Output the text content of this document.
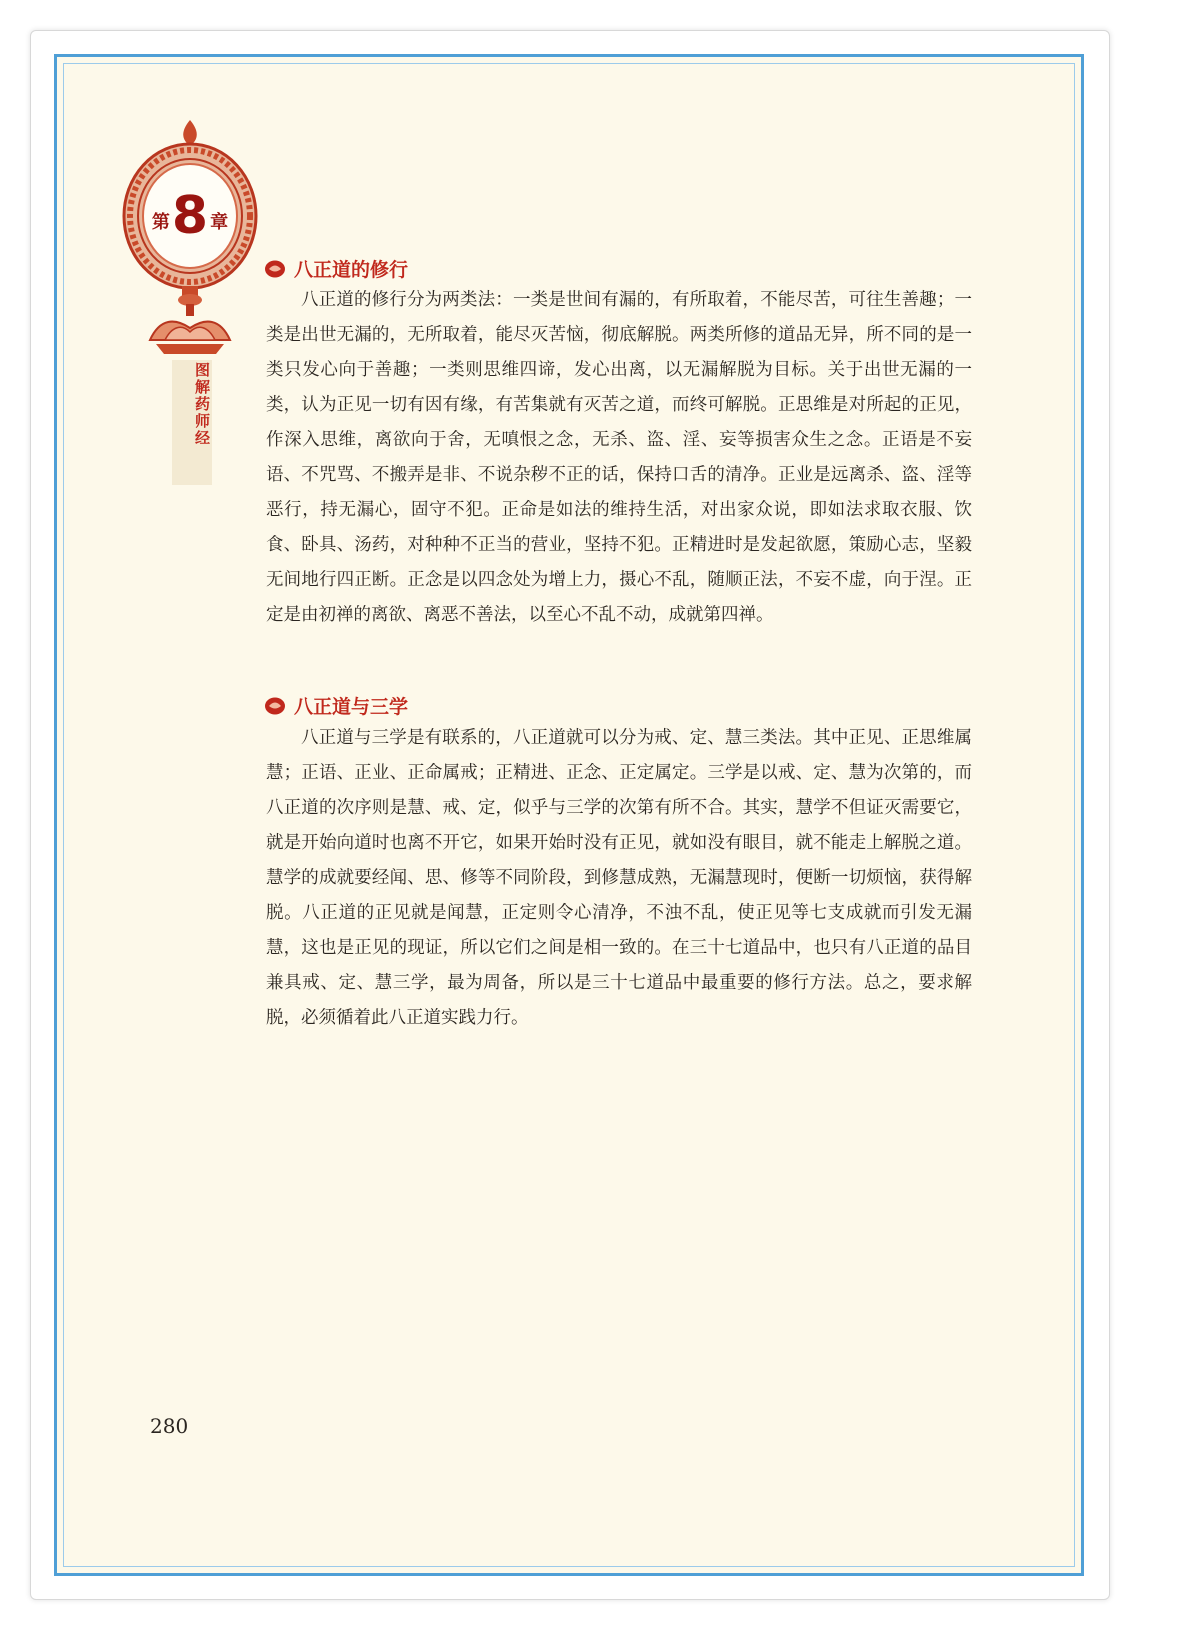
第 8 章
图解药师经
八正道的修行

八正道的修行分为两类法：一类是世间有漏的，有所取着，不能尽苦，可往生善趣；一类是出世无漏的，无所取着，能尽灭苦恼，彻底解脱。两类所修的道品无异，所不同的是一类只发心向于善趣；一类则思维四谛，发心出离，以无漏解脱为目标。关于出世无漏的一类，认为正见一切有因有缘，有苦集就有灭苦之道，而终可解脱。正思维是对所起的正见，作深入思维，离欲向于舍，无嗔恨之念，无杀、盗、淫、妄等损害众生之念。正语是不妄语、不咒骂、不搬弄是非、不说杂秽不正的话，保持口舌的清净。正业是远离杀、盗、淫等恶行，持无漏心，固守不犯。正命是如法的维持生活，对出家众说，即如法求取衣服、饮食、卧具、汤药，对种种不正当的营业，坚持不犯。正精进时是发起欲愿，策励心志，坚毅无间地行四正断。正念是以四念处为增上力，摄心不乱，随顺正法，不妄不虚，向于涅。正定是由初禅的离欲、离恶不善法，以至心不乱不动，成就第四禅。

八正道与三学

八正道与三学是有联系的，八正道就可以分为戒、定、慧三类法。其中正见、正思维属慧；正语、正业、正命属戒；正精进、正念、正定属定。三学是以戒、定、慧为次第的，而八正道的次序则是慧、戒、定，似乎与三学的次第有所不合。其实，慧学不但证灭需要它，就是开始向道时也离不开它，如果开始时没有正见，就如没有眼目，就不能走上解脱之道。慧学的成就要经闻、思、修等不同阶段，到修慧成熟，无漏慧现时，便断一切烦恼，获得解脱。八正道的正见就是闻慧，正定则令心清净，不浊不乱，使正见等七支成就而引发无漏慧，这也是正见的现证，所以它们之间是相一致的。在三十七道品中，也只有八正道的品目兼具戒、定、慧三学，最为周备，所以是三十七道品中最重要的修行方法。总之，要求解脱，必须循着此八正道实践力行。

280
